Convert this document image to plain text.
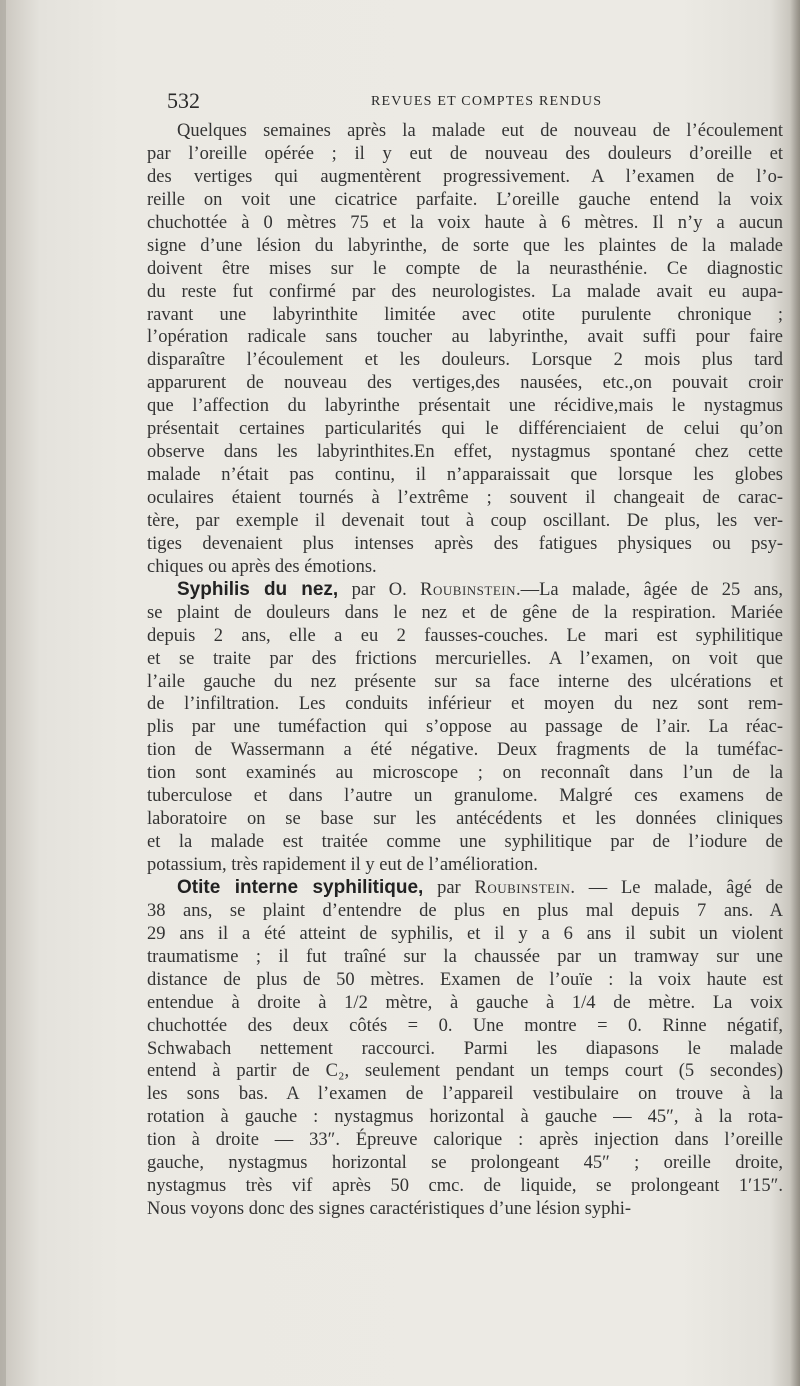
532	REVUES ET COMPTES RENDUS
Quelques semaines après la malade eut de nouveau de l’écoulement
par l’oreille opérée ; il y eut de nouveau des douleurs d’oreille et
des vertiges qui augmentèrent progressivement. A l’examen de l’o-
reille on voit une cicatrice parfaite. L’oreille gauche entend la voix
chuchottée à 0 mètres 75 et la voix haute à 6 mètres. Il n’y a aucun
signe d’une lésion du labyrinthe, de sorte que les plaintes de la malade
doivent être mises sur le compte de la neurasthénie. Ce diagnostic
du reste fut confirmé par des neurologistes. La malade avait eu aupa-
ravant une labyrinthite limitée avec otite purulente chronique ;
l’opération radicale sans toucher au labyrinthe, avait suffi pour faire
disparaître l’écoulement et les douleurs. Lorsque 2 mois plus tard
apparurent de nouveau des vertiges,des nausées, etc.,on pouvait croir
que l’affection du labyrinthe présentait une récidive,mais le nystagmus
présentait certaines particularités qui le différenciaient de celui qu’on
observe dans les labyrinthites.En effet, nystagmus spontané chez cette
malade n’était pas continu, il n’apparaissait que lorsque les globes
oculaires étaient tournés à l’extrême ; souvent il changeait de carac-
tère, par exemple il devenait tout à coup oscillant. De plus, les ver-
tiges devenaient plus intenses après des fatigues physiques ou psy-
chiques ou après des émotions.
Syphilis du nez, par O. Roubinstein.—La malade, âgée de 25 ans,
se plaint de douleurs dans le nez et de gêne de la respiration. Mariée
depuis 2 ans, elle a eu 2 fausses-couches. Le mari est syphilitique
et se traite par des frictions mercurielles. A l’examen, on voit que
l’aile gauche du nez présente sur sa face interne des ulcérations et
de l’infiltration. Les conduits inférieur et moyen du nez sont rem-
plis par une tuméfaction qui s’oppose au passage de l’air. La réac-
tion de Wassermann a été négative. Deux fragments de la tuméfac-
tion sont examinés au microscope ; on reconnaît dans l’un de la
tuberculose et dans l’autre un granulome. Malgré ces examens de
laboratoire on se base sur les antécédents et les données cliniques
et la malade est traitée comme une syphilitique par de l’iodure de
potassium, très rapidement il y eut de l’amélioration.
Otite interne syphilitique, par Roubinstein. — Le malade, âgé de
38 ans, se plaint d’entendre de plus en plus mal depuis 7 ans. A
29 ans il a été atteint de syphilis, et il y a 6 ans il subit un violent
traumatisme ; il fut traîné sur la chaussée par un tramway sur une
distance de plus de 50 mètres. Examen de l’ouïe : la voix haute est
entendue à droite à 1/2 mètre, à gauche à 1/4 de mètre. La voix
chuchottée des deux côtés = 0. Une montre = 0. Rinne négatif,
Schwabach nettement raccourci. Parmi les diapasons le malade
entend à partir de C₂, seulement pendant un temps court (5 secondes)
les sons bas. A l’examen de l’appareil vestibulaire on trouve à la
rotation à gauche : nystagmus horizontal à gauche — 45″, à la rota-
tion à droite — 33″. Épreuve calorique : après injection dans l’oreille
gauche, nystagmus horizontal se prolongeant 45″ ; oreille droite,
nystagmus très vif après 50 cmc. de liquide, se prolongeant 1′15″.
Nous voyons donc des signes caractéristiques d’une lésion syphi-
